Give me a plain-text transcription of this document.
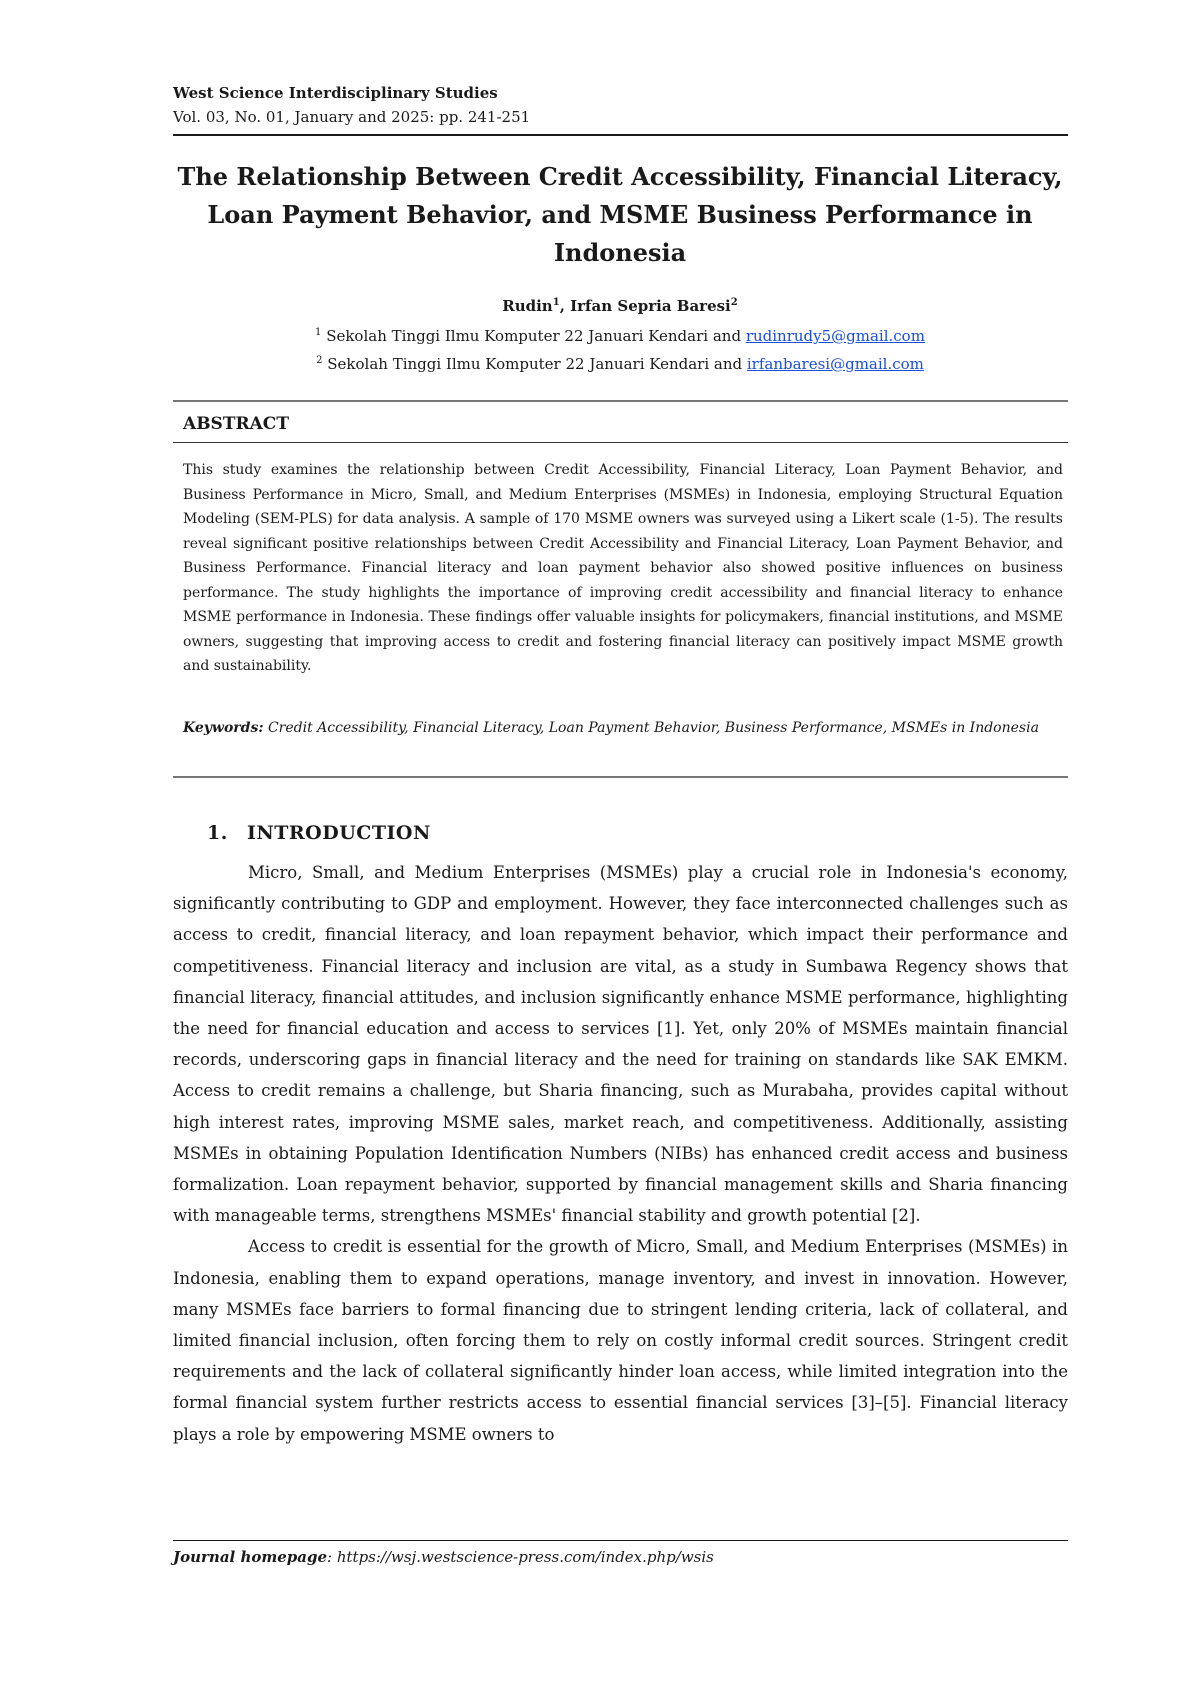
West Science Interdisciplinary Studies
Vol. 03, No. 01, January and 2025: pp. 241-251
The Relationship Between Credit Accessibility, Financial Literacy,
Loan Payment Behavior, and MSME Business Performance in
Indonesia
Rudin$^1$, Irfan Sepria Baresi$^2$
$^1$ Sekolah Tinggi Ilmu Komputer 22 Januari Kendari and rudinrudy5@gmail.com
$^2$ Sekolah Tinggi Ilmu Komputer 22 Januari Kendari and irfanbaresi@gmail.com
ABSTRACT
This study examines the relationship between Credit Accessibility, Financial Literacy, Loan Payment Behavior, and Business Performance in Micro, Small, and Medium Enterprises (MSMEs) in Indonesia, employing Structural Equation Modeling (SEM-PLS) for data analysis. A sample of 170 MSME owners was surveyed using a Likert scale (1-5). The results reveal significant positive relationships between Credit Accessibility and Financial Literacy, Loan Payment Behavior, and Business Performance. Financial literacy and loan payment behavior also showed positive influences on business performance. The study highlights the importance of improving credit accessibility and financial literacy to enhance MSME performance in Indonesia. These findings offer valuable insights for policymakers, financial institutions, and MSME owners, suggesting that improving access to credit and fostering financial literacy can positively impact MSME growth and sustainability.
Keywords: Credit Accessibility, Financial Literacy, Loan Payment Behavior, Business Performance, MSMEs in Indonesia
1. INTRODUCTION

Micro, Small, and Medium Enterprises (MSMEs) play a crucial role in Indonesia's economy, significantly contributing to GDP and employment. However, they face interconnected challenges such as access to credit, financial literacy, and loan repayment behavior, which impact their performance and competitiveness. Financial literacy and inclusion are vital, as a study in Sumbawa Regency shows that financial literacy, financial attitudes, and inclusion significantly enhance MSME performance, highlighting the need for financial education and access to services [1]. Yet, only 20% of MSMEs maintain financial records, underscoring gaps in financial literacy and the need for training on standards like SAK EMKM. Access to credit remains a challenge, but Sharia financing, such as Murabaha, provides capital without high interest rates, improving MSME sales, market reach, and competitiveness. Additionally, assisting MSMEs in obtaining Population Identification Numbers (NIBs) has enhanced credit access and business formalization. Loan repayment behavior, supported by financial management skills and Sharia financing with manageable terms, strengthens MSMEs' financial stability and growth potential [2].

Access to credit is essential for the growth of Micro, Small, and Medium Enterprises (MSMEs) in Indonesia, enabling them to expand operations, manage inventory, and invest in innovation. However, many MSMEs face barriers to formal financing due to stringent lending criteria, lack of collateral, and limited financial inclusion, often forcing them to rely on costly informal credit sources. Stringent credit requirements and the lack of collateral significantly hinder loan access, while limited integration into the formal financial system further restricts access to essential financial services [3]–[5]. Financial literacy plays a role by empowering MSME owners to

Journal homepage: https://wsj.westscience-press.com/index.php/wsis
